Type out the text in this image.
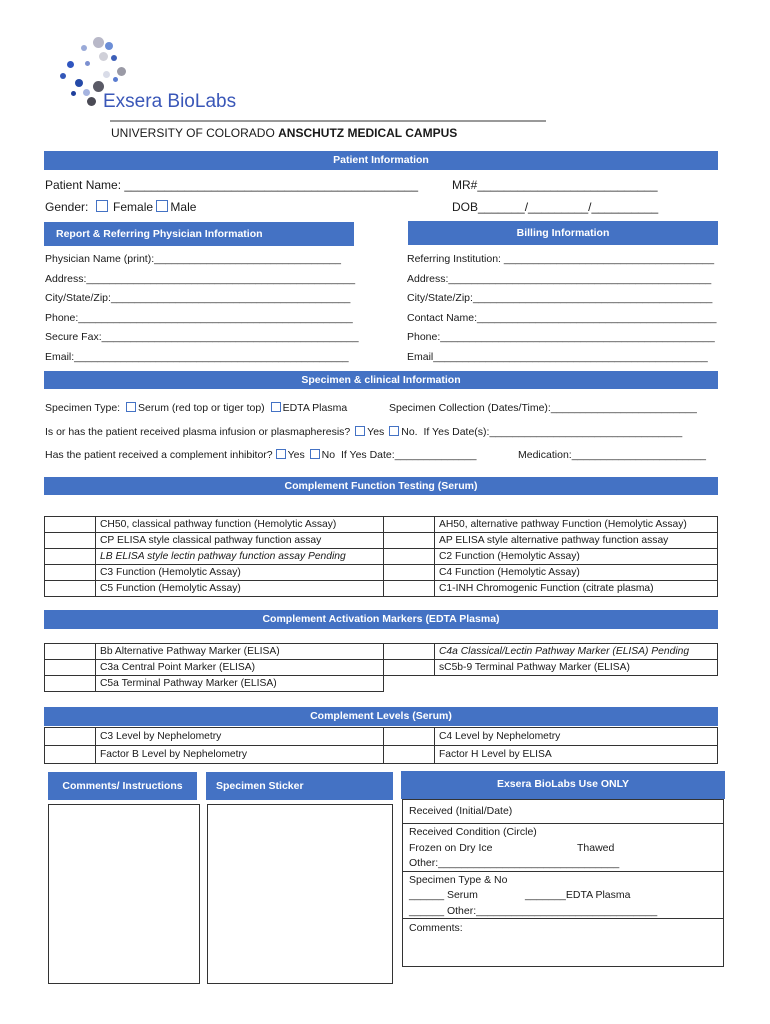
Exsera BioLabs
UNIVERSITY OF COLORADO ANSCHUTZ MEDICAL CAMPUS
Patient Information
Patient Name: ____________________________________________	MR#___________________________
Gender: Female Male	DOB_______/_________/__________
Report & Referring Physician Information	Billing Information
Physician Name (print):________________________________
Address:______________________________________________
City/State/Zip:_________________________________________
Phone:_______________________________________________
Secure Fax:____________________________________________
Email:_______________________________________________
Referring Institution: ____________________________________
Address:_____________________________________________
City/State/Zip:_________________________________________
Contact Name:_________________________________________
Phone:_______________________________________________
Email_______________________________________________
Specimen & clinical Information
Specimen Type: Serum (red top or tiger top) EDTA Plasma	Specimen Collection (Dates/Time):_________________________
Is or has the patient received plasma infusion or plasmapheresis? Yes No. If Yes Date(s):_________________________________
Has the patient received a complement inhibitor? Yes No If Yes Date:______________	Medication:_______________________
Complement Function Testing (Serum)
	CH50, classical pathway function (Hemolytic Assay)		AH50, alternative pathway Function (Hemolytic Assay)
	CP ELISA style classical pathway function assay		AP ELISA style alternative pathway function assay
	LB ELISA style lectin pathway function assay Pending		C2 Function (Hemolytic Assay)
	C3 Function (Hemolytic Assay)		C4 Function (Hemolytic Assay)
	C5 Function (Hemolytic Assay)		C1-INH Chromogenic Function (citrate plasma)
Complement Activation Markers (EDTA Plasma)
	Bb Alternative Pathway Marker (ELISA)		C4a Classical/Lectin Pathway Marker (ELISA) Pending
	C3a Central Point Marker (ELISA)		sC5b-9 Terminal Pathway Marker (ELISA)
	C5a Terminal Pathway Marker (ELISA)		
Complement Levels (Serum)
	C3 Level by Nephelometry		C4 Level by Nephelometry
	Factor B Level by Nephelometry		Factor H Level by ELISA
Comments/ Instructions	Specimen Sticker	Exsera BioLabs Use ONLY
Received (Initial/Date)
Received Condition (Circle)
Frozen on Dry Ice	Thawed
Other:_______________________________
Specimen Type & No
______ Serum	_______EDTA Plasma
______ Other:_______________________________
Comments:
